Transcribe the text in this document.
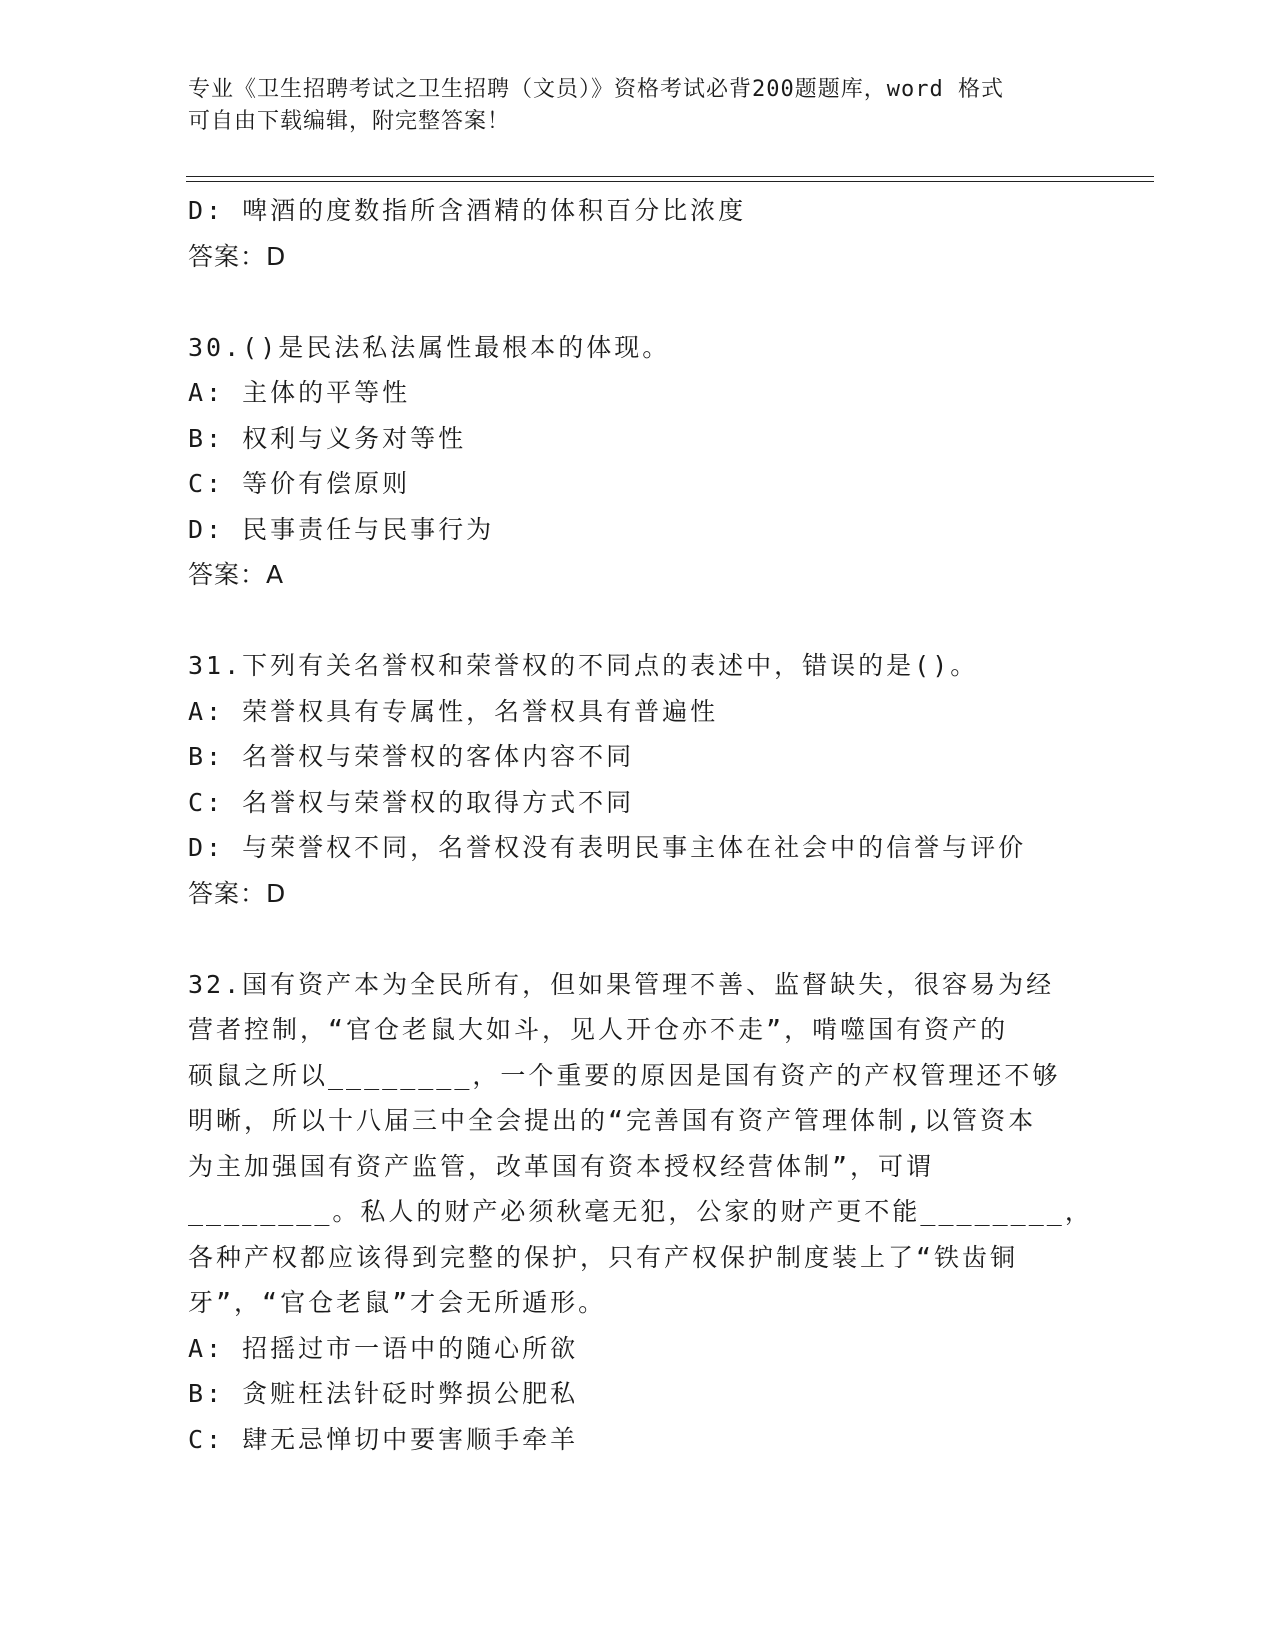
专业《卫生招聘考试之卫生招聘（文员）》资格考试必背200题题库，word 格式
可自由下载编辑，附完整答案！
D: 啤酒的度数指所含酒精的体积百分比浓度
答案：D
30.()是民法私法属性最根本的体现。
A: 主体的平等性
B: 权利与义务对等性
C: 等价有偿原则
D: 民事责任与民事行为
答案：A
31.下列有关名誉权和荣誉权的不同点的表述中，错误的是()。
A: 荣誉权具有专属性，名誉权具有普遍性
B: 名誉权与荣誉权的客体内容不同
C: 名誉权与荣誉权的取得方式不同
D: 与荣誉权不同，名誉权没有表明民事主体在社会中的信誉与评价
答案：D
32.国有资产本为全民所有，但如果管理不善、监督缺失，很容易为经
营者控制，“官仓老鼠大如斗，见人开仓亦不走”，啃噬国有资产的
硕鼠之所以________，一个重要的原因是国有资产的产权管理还不够
明晰，所以十八届三中全会提出的“完善国有资产管理体制,以管资本
为主加强国有资产监管，改革国有资本授权经营体制”，可谓
________。私人的财产必须秋毫无犯，公家的财产更不能________，
各种产权都应该得到完整的保护，只有产权保护制度装上了“铁齿铜
牙”，“官仓老鼠”才会无所遁形。
A: 招摇过市一语中的随心所欲
B: 贪赃枉法针砭时弊损公肥私
C: 肆无忌惮切中要害顺手牵羊
